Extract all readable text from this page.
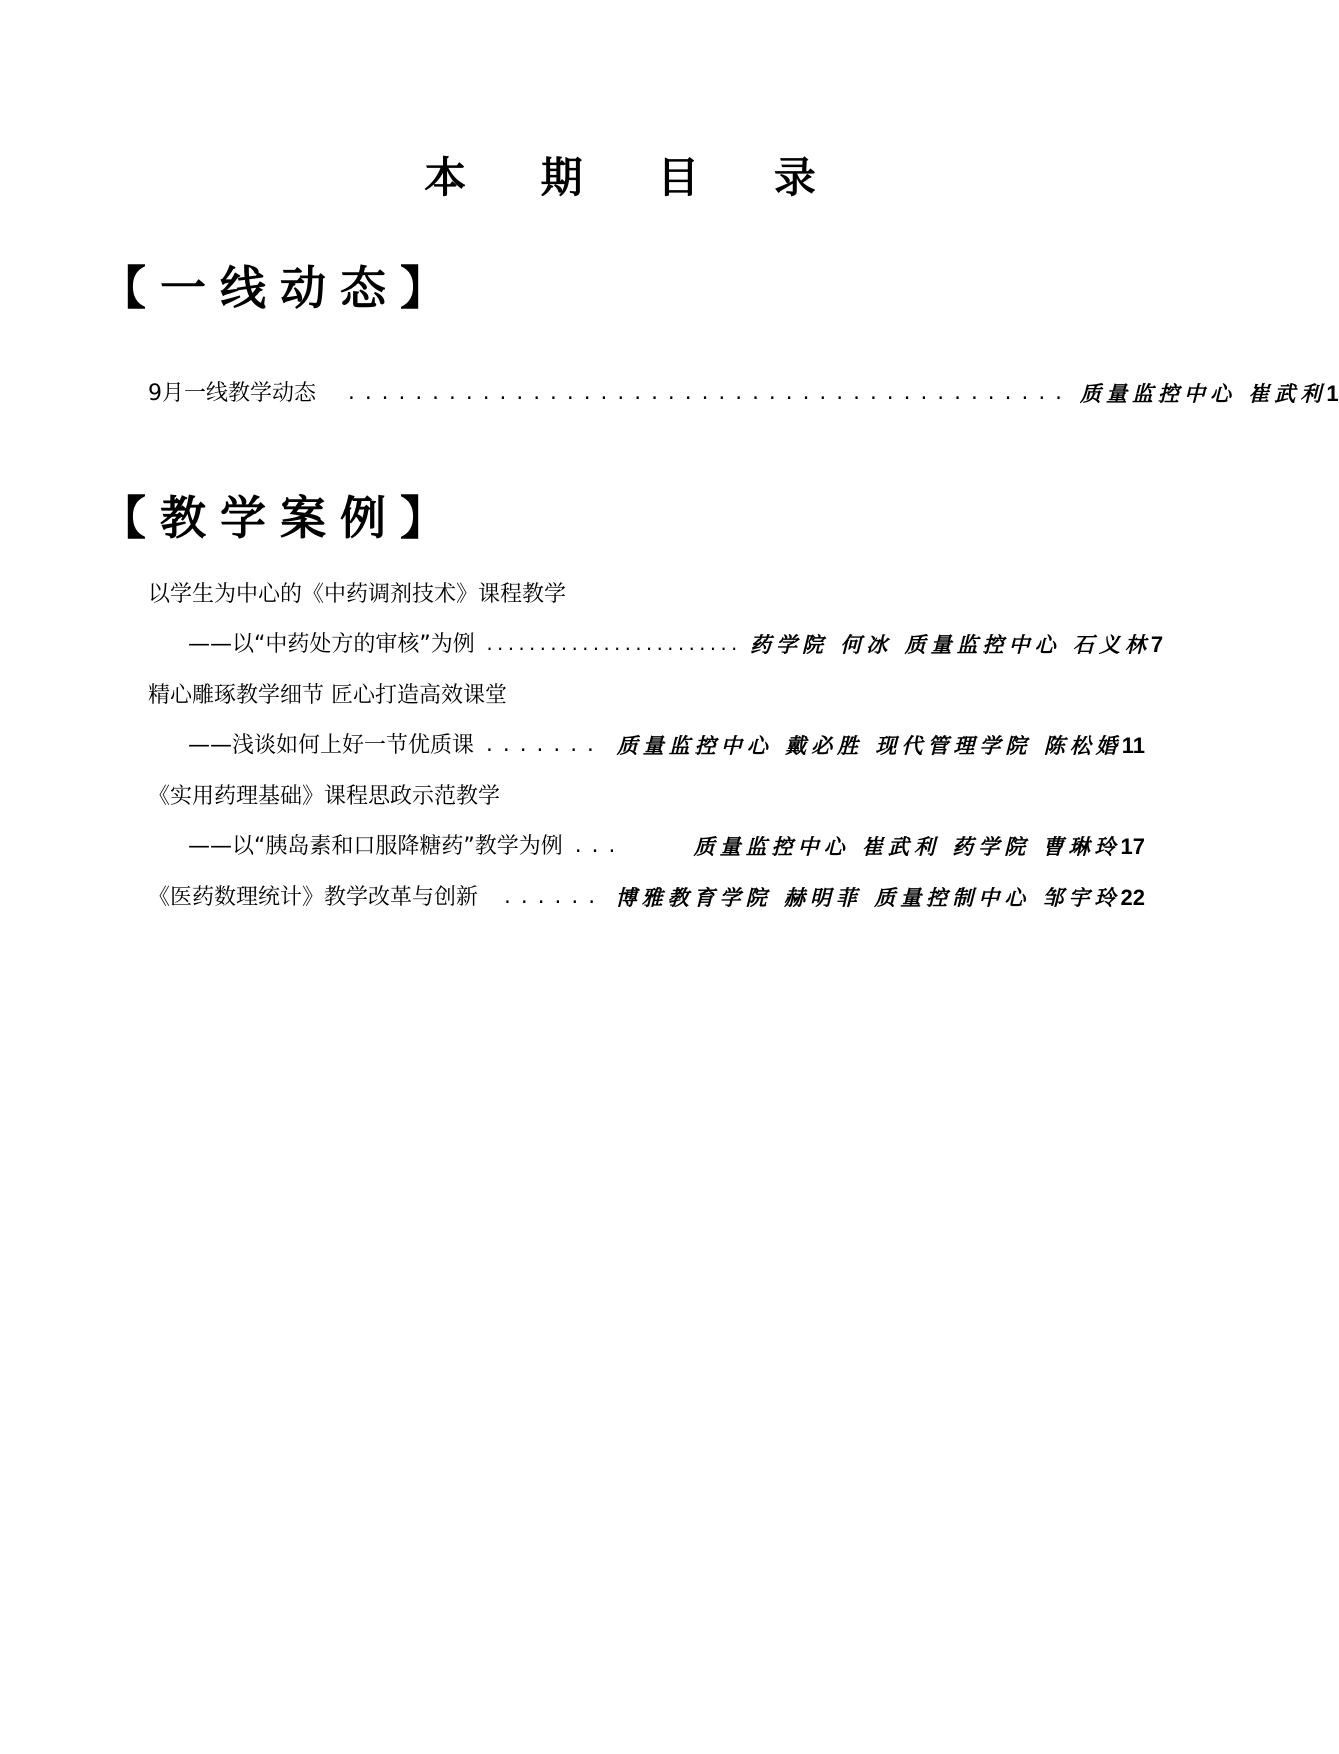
本 期 目 录
【一线动态】
9月一线教学动态	........................................... 质量监控中心 崔武利 1
【教学案例】
以学生为中心的《中药调剂技术》课程教学
——以“中药处方的审核”为例 ........................ 药学院 何冰 质量监控中心 石义林 7
精心雕琢教学细节 匠心打造高效课堂
——浅谈如何上好一节优质课 ....... 质量监控中心 戴必胜 现代管理学院 陈松婚 11
《实用药理基础》课程思政示范教学
——以“胰岛素和口服降糖药”教学为例 ...	质量监控中心 崔武利 药学院 曹琳玲 17
《医药数理统计》教学改革与创新	...... 博雅教育学院 赫明菲 质量控制中心 邹宇玲 22
